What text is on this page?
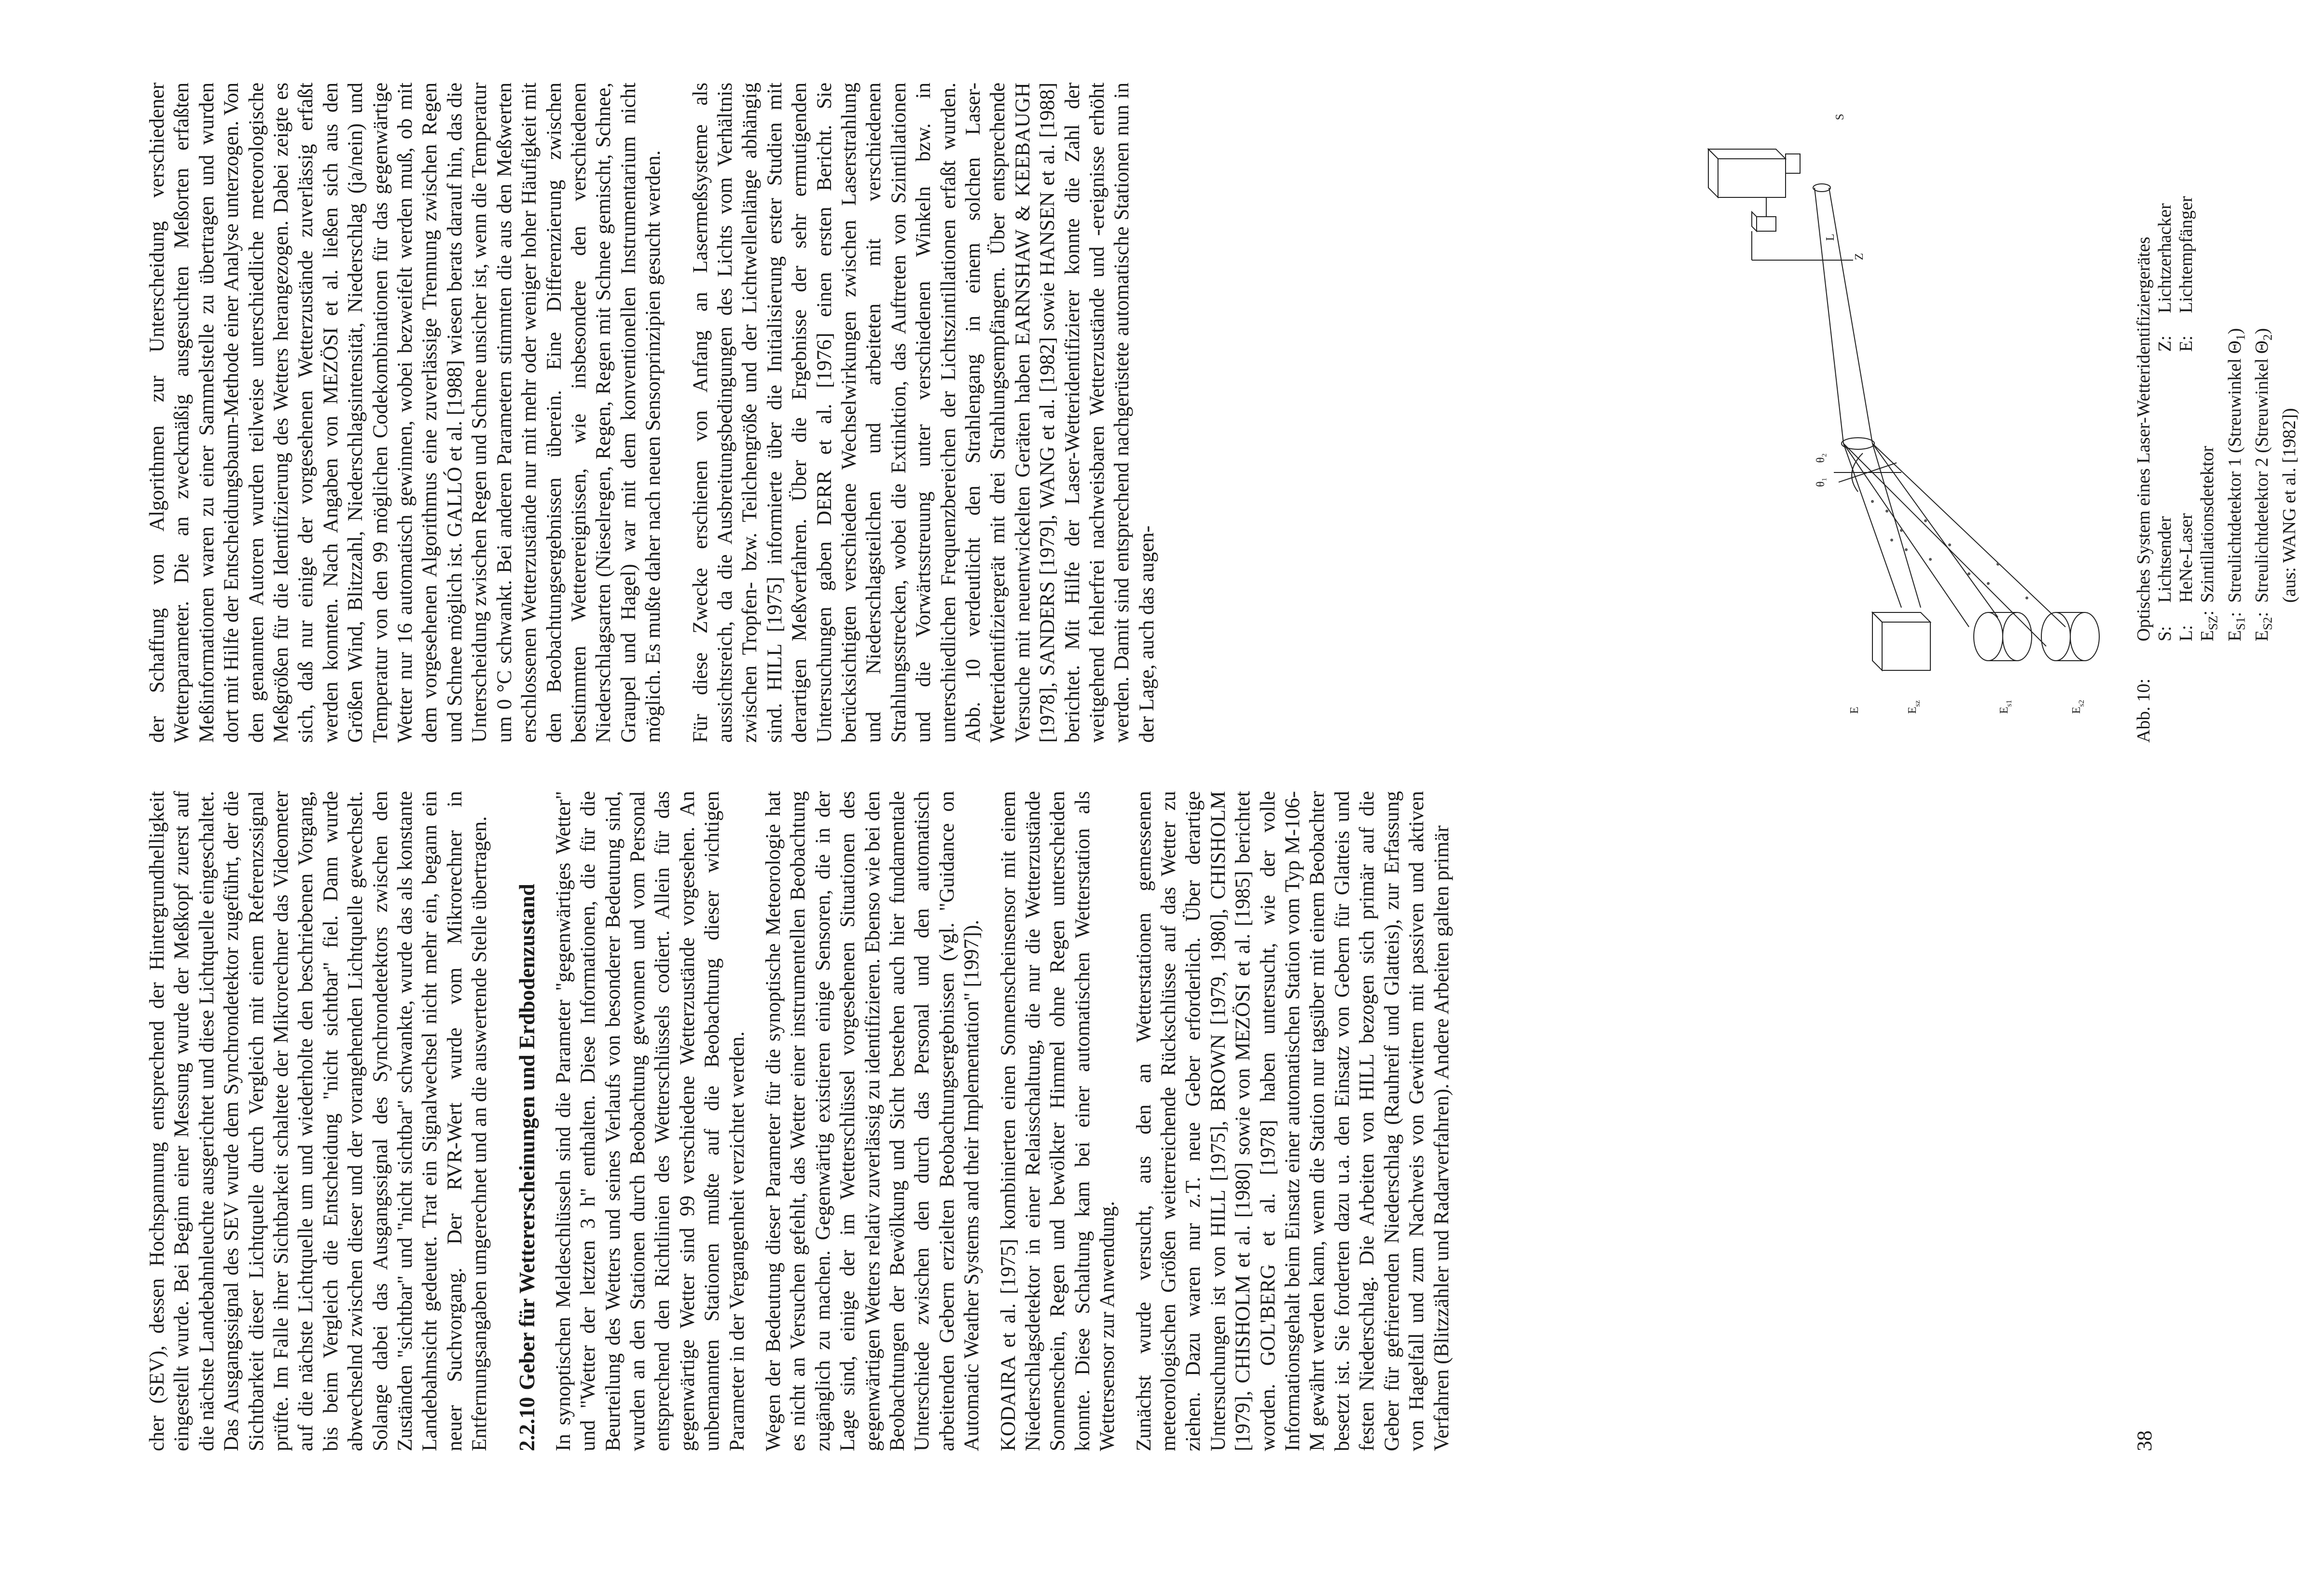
cher (SEV), dessen Hochspannung entsprechend der Hintergrundhelligkeit eingestellt wurde. Bei Beginn einer Messung wurde der Meßkopf zuerst auf die nächste Landebahnleuchte ausgerichtet und diese Lichtquelle eingeschaltet. Das Ausgangssignal des SEV wurde dem Synchrondetektor zugeführt, der die Sichtbarkeit dieser Lichtquelle durch Vergleich mit einem Referenzssignal prüfte. Im Falle ihrer Sichtbarkeit schaltete der Mikrorechner das Videometer auf die nächste Lichtquelle um und wiederholte den beschriebenen Vorgang, bis beim Vergleich die Entscheidung "nicht sichtbar" fiel. Dann wurde abwechselnd zwischen dieser und der vorangehenden Lichtquelle gewechselt. Solange dabei das Ausgangssignal des Synchrondetektors zwischen den Zuständen "sichtbar" und "nicht sichtbar" schwankte, wurde das als konstante Landebahnsicht gedeutet. Trat ein Signalwechsel nicht mehr ein, begann ein neuer Suchvorgang. Der RVR-Wert wurde vom Mikrorechner in Entfernungsangaben umgerechnet und an die auswertende Stelle übertragen. 2.2.10Geber für Wettererscheinungen und Erdbodenzustand In synoptischen Meldeschlüsseln sind die Parameter "gegenwärtiges Wetter" und "Wetter der letzten 3 h" enthalten. Diese Informationen, die für die Beurteilung des Wetters und seines Verlaufs von besonderer Bedeutung sind, wurden an den Stationen durch Beobachtung gewonnen und vom Personal entsprechend den Richtlinien des Wetterschlüssels codiert. Allein für das gegenwärtige Wetter sind 99 verschiedene Wetterzustände vorgesehen. An unbemannten Stationen mußte auf die Beobachtung dieser wichtigen Parameter in der Vergangenheit verzichtet werden. Wegen der Bedeutung dieser Parameter für die synoptische Meteorologie hat es nicht an Versuchen gefehlt, das Wetter einer instrumentellen Beobachtung zugänglich zu machen. Gegenwärtig existieren einige Sensoren, die in der Lage sind, einige der im Wetterschlüssel vorgesehenen Situationen des gegenwärtigen Wetters relativ zuverlässig zu identifizieren. Ebenso wie bei den Beobachtungen der Bewölkung und Sicht bestehen auch hier fundamentale Unterschiede zwischen den durch das Personal und den automatisch arbeitenden Gebern erzielten Beobachtungsergebnissen (vgl. "Guidance on Automatic Weather Systems and their Implementation" [1997]). KODAIRA et al. [1975] kombinierten einen Sonnenscheinsensor mit einem Niederschlagsdetektor in einer Relaisschaltung, die nur die Wetterzustände Sonnenschein, Regen und bewölkter Himmel ohne Regen unterscheiden konnte. Diese Schaltung kam bei einer automatischen Wetterstation als Wettersensor zur Anwendung. Zunächst wurde versucht, aus den an Wetterstationen gemessenen meteorologischen Größen weiterreichende Rückschlüsse auf das Wetter zu ziehen. Dazu waren nur z.T. neue Geber erforderlich. Über derartige Untersuchungen ist von HILL [1975], BROWN [1979, 1980], CHISHOLM [1979], CHISHOLM et al. [1980] sowie von MEZÖSI et al. [1985] berichtet worden. GOL'BERG et al. [1978] haben untersucht, wie der volle Informationsgehalt beim Einsatz einer automatischen Station vom Typ M-106-M gewährt werden kann, wenn die Station nur tagsüber mit einem Beobachter besetzt ist. Sie forderten dazu u.a. den Einsatz von Gebern für Glatteis und festen Niederschlag. Die Arbeiten von HILL bezogen sich primär auf die Geber für gefrierenden Niederschlag (Rauhreif und Glatteis), zur Erfassung von Hagelfall und zum Nachweis von Gewittern mit passiven und aktiven Verfahren (Blitzzähler und Radarverfahren). Andere Arbeiten galten primär	38

der Schaffung von Algorithmen zur Unterscheidung verschiedener Wetterparameter. Die an zweckmäßig ausgesuchten Meßorten erfaßten Meßinformationen waren zu einer Sammelstelle zu übertragen und wurden dort mit Hilfe der Entscheidungsbaum-Methode einer Analyse unterzogen. Von den genannten Autoren wurden teilweise unterschiedliche meteorologische Meßgrößen für die Identifizierung des Wetters herangezogen. Dabei zeigte es sich, daß nur einige der vorgesehenen Wetterzustände zuverlässig erfaßt werden konnten. Nach Angaben von MEZÖSI et al. ließen sich aus den Größen Wind, Blitzzahl, Niederschlagsintensität, Niederschlag (ja/nein) und Temperatur von den 99 möglichen Codekombinationen für das gegenwärtige Wetter nur 16 automatisch gewinnen, wobei bezweifelt werden muß, ob mit dem vorgesehenen Algorithmus eine zuverlässige Trennung zwischen Regen und Schnee möglich ist. GALLÓ et al. [1988] wiesen berats darauf hin, das die Unterscheidung zwischen Regen und Schnee unsicher ist, wenn die Temperatur um 0 °C schwankt. Bei anderen Parametern stimmten die aus den Meßwerten erschlossenen Wetterzustände nur mit mehr oder weniger hoher Häufigkeit mit den Beobachtungsergebnissen überein. Eine Differenzierung zwischen bestimmten Wetterereignissen, wie insbesondere den verschiedenen Niederschlagsarten (Nieselregen, Regen, Regen mit Schnee gemischt, Schnee, Graupel und Hagel) war mit dem konventionellen Instrumentarium nicht möglich. Es mußte daher nach neuen Sensorprinzipien gesucht werden. Für diese Zwecke erschienen von Anfang an Lasermeßsysteme als aussichtsreich, da die Ausbreitungsbedingungen des Lichts vom Verhältnis zwischen Tropfen- bzw. Teilchengröße und der Lichtwellenlänge abhängig sind. HILL [1975] informierte über die Initialisierung erster Studien mit derartigen Meßverfahren. Über die Ergebnisse der sehr ermutigenden Untersuchungen gaben DERR et al. [1976] einen ersten Bericht. Sie berücksichtigten verschiedene Wechselwirkungen zwischen Laserstrahlung und Niederschlagsteilchen und arbeiteten mit verschiedenen Strahlungsstrecken, wobei die Extinktion, das Auftreten von Szintillationen und die Vorwärtsstreuung unter verschiedenen Winkeln bzw. in unterschiedlichen Frequenzbereichen der Lichtszintillationen erfaßt wurden. Abb. 10 verdeutlicht den Strahlengang in einem solchen Laser-Wetteridentifiziergerät mit drei Strahlungsempfängern. Über entsprechende Versuche mit neuentwickelten Geräten haben EARNSHAW & KEEBAUGH [1978], SANDERS [1979], WANG et al. [1982] sowie HANSEN et al. [1988] berichtet. Mit Hilfe der Laser-Wetteridentifizierer konnte die Zahl der weitgehend fehlerfrei nachweisbaren Wetterzustände und -ereignisse erhöht werden. Damit sind entsprechend nachgerüstete automatische Stationen nun in der Lage, auch das augen-

L
Z
S
θ₁
θ₂
$E_{sz}$
$E_{s1}$
$E_{s2}$
E	Abb. 10:
Optisches System eines Laser-Wetteridentifiziergerätes S:
Lichtsender
Z:
Lichtzerhacker
L:
HeNe-Laser
E:
Lichtempfänger
$E_{SZ}$:
Szintillationsdetektor
$E_{S1}$:
Streulichtdetektor 1 (Streuwinkel $\Theta_1$)
$E_{S2}$:
Streulichtdetektor 2 (Streuwinkel $\Theta_2$)
(aus: WANG et al. [1982])
